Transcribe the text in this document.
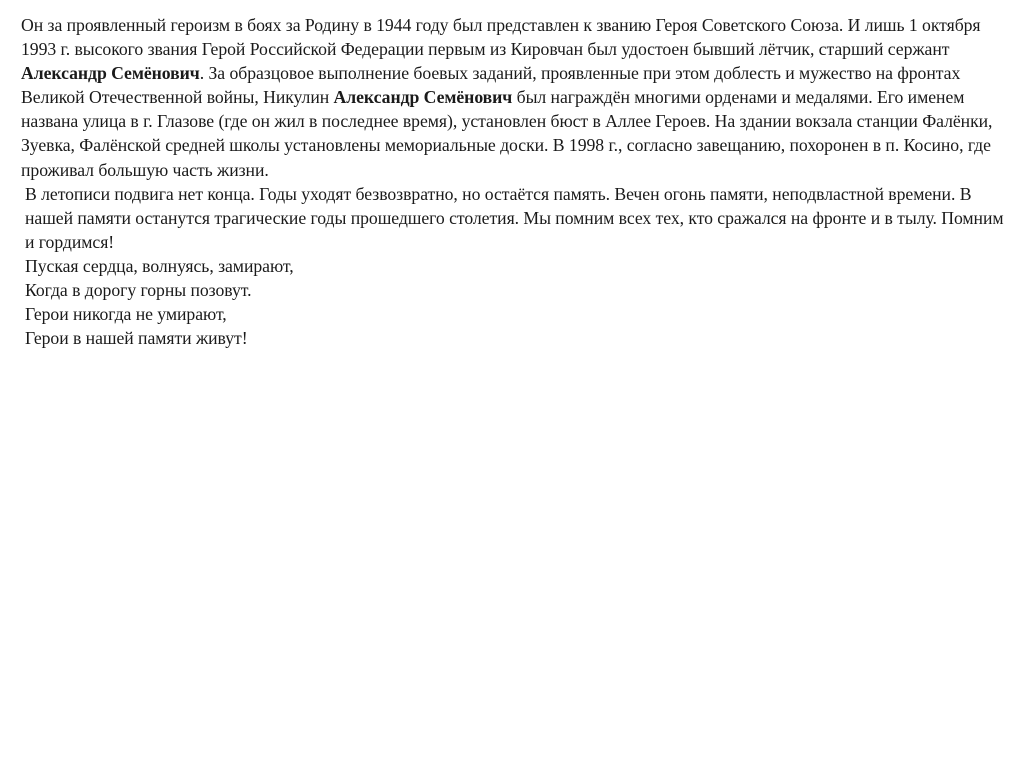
Он за проявленный героизм в боях за Родину в 1944 году был представлен к званию Героя Советского Союза. И лишь 1 октября 1993 г. высокого звания Герой Российской Федерации первым из Кировчан был удостоен бывший лётчик, старший сержант Александр Семёнович. За образцовое выполнение боевых заданий, проявленные при этом доблесть и мужество на фронтах Великой Отечественной войны, Никулин Александр Семёнович был награждён многими орденами и медалями. Его именем названа улица в г. Глазове (где он жил в последнее время), установлен бюст в Аллее Героев. На здании вокзала станции Фалёнки, Зуевка, Фалёнской средней школы установлены мемориальные доски. В 1998 г., согласно завещанию, похоронен в п. Косино, где проживал большую часть жизни.

В летописи подвига нет конца. Годы уходят безвозвратно, но остаётся память. Вечен огонь памяти, неподвластной времени. В нашей памяти останутся трагические годы прошедшего столетия. Мы помним всех тех, кто сражался на фронте и в тылу. Помним и гордимся!

Пуская сердца, волнуясь, замирают,
Когда в дорогу горны позовут.
Герои никогда не умирают,
Герои в нашей памяти живут!
